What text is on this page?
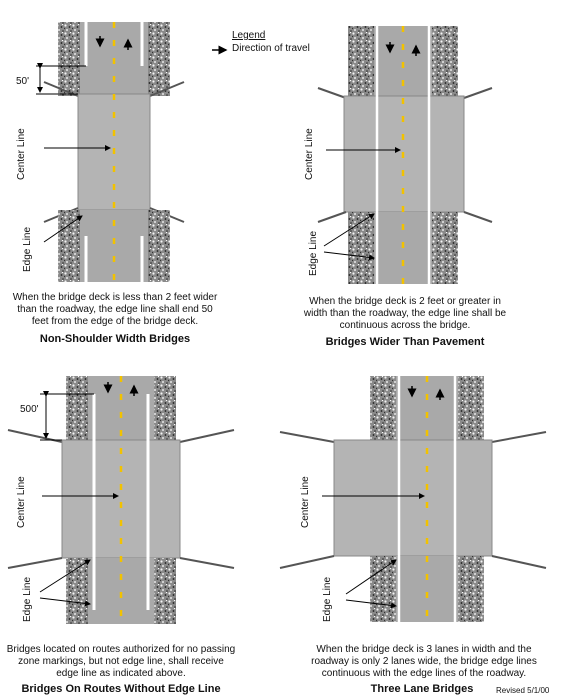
Legend
Direction of travel
50'
Center Line
Edge Line
When the bridge deck is less than 2 feet wider
than the roadway, the edge line shall end 50
feet from the edge of the bridge deck.
Non-Shoulder Width Bridges
Center Line
Edge Line
When the bridge deck is 2 feet or greater in
width than the roadway, the edge line shall be
continuous across the bridge.
Bridges Wider Than Pavement
500'
Center Line
Edge Line
Bridges located on routes authorized for no passing
zone markings, but not edge line, shall receive
edge line as indicated above.
Bridges On Routes Without Edge Line
Center Line
Edge Line
When the bridge deck is 3 lanes in width and the
roadway is only 2 lanes wide, the bridge edge lines
continuous with the edge lines of the roadway.
Three Lane Bridges	Revised 5/1/00
